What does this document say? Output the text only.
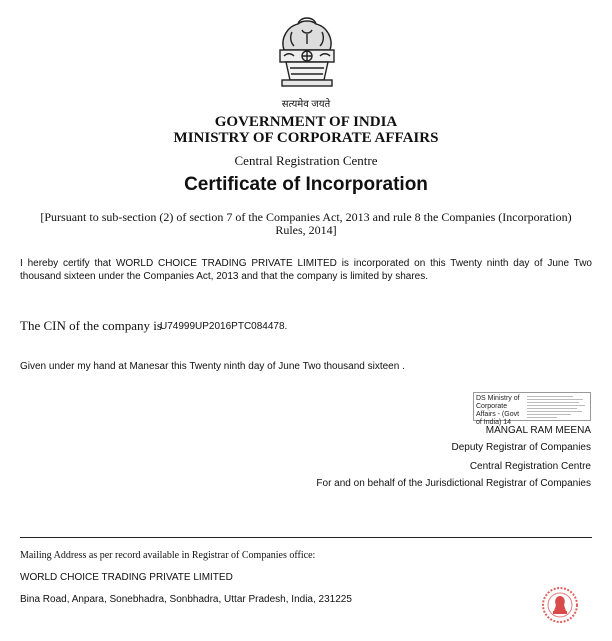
सत्यमेव जयते
GOVERNMENT OF INDIA
MINISTRY OF CORPORATE AFFAIRS
Central Registration Centre
Certificate of Incorporation
[Pursuant to sub-section (2) of section 7 of the Companies Act, 2013 and rule 8 the Companies (Incorporation) Rules, 2014]
I hereby certify that WORLD CHOICE TRADING PRIVATE LIMITED is incorporated on this Twenty ninth day of June Two thousand sixteen under the Companies Act, 2013 and that the company is limited by shares.
The CIN of the company is
U74999UP2016PTC084478.
Given under my hand at Manesar this Twenty ninth day of June Two thousand sixteen .
DS Ministry of Corporate Affairs - (Govt of India) 14
MANGAL RAM MEENA
Deputy Registrar of Companies
Central Registration Centre
For and on behalf of the Jurisdictional Registrar of Companies
Mailing Address as per record available in Registrar of Companies office:
WORLD CHOICE TRADING PRIVATE LIMITED
Bina Road, Anpara, Sonebhadra, Sonbhadra, Uttar Pradesh, India, 231225
